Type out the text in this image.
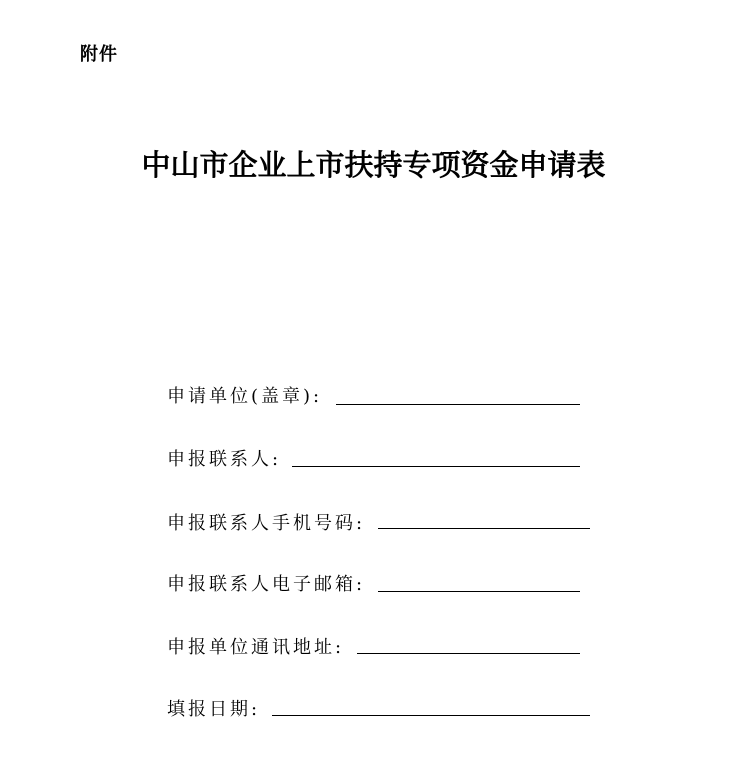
附件
中山市企业上市扶持专项资金申请表
申请单位(盖章):
申报联系人:
申报联系人手机号码:
申报联系人电子邮箱:
申报单位通讯地址:
填报日期:
